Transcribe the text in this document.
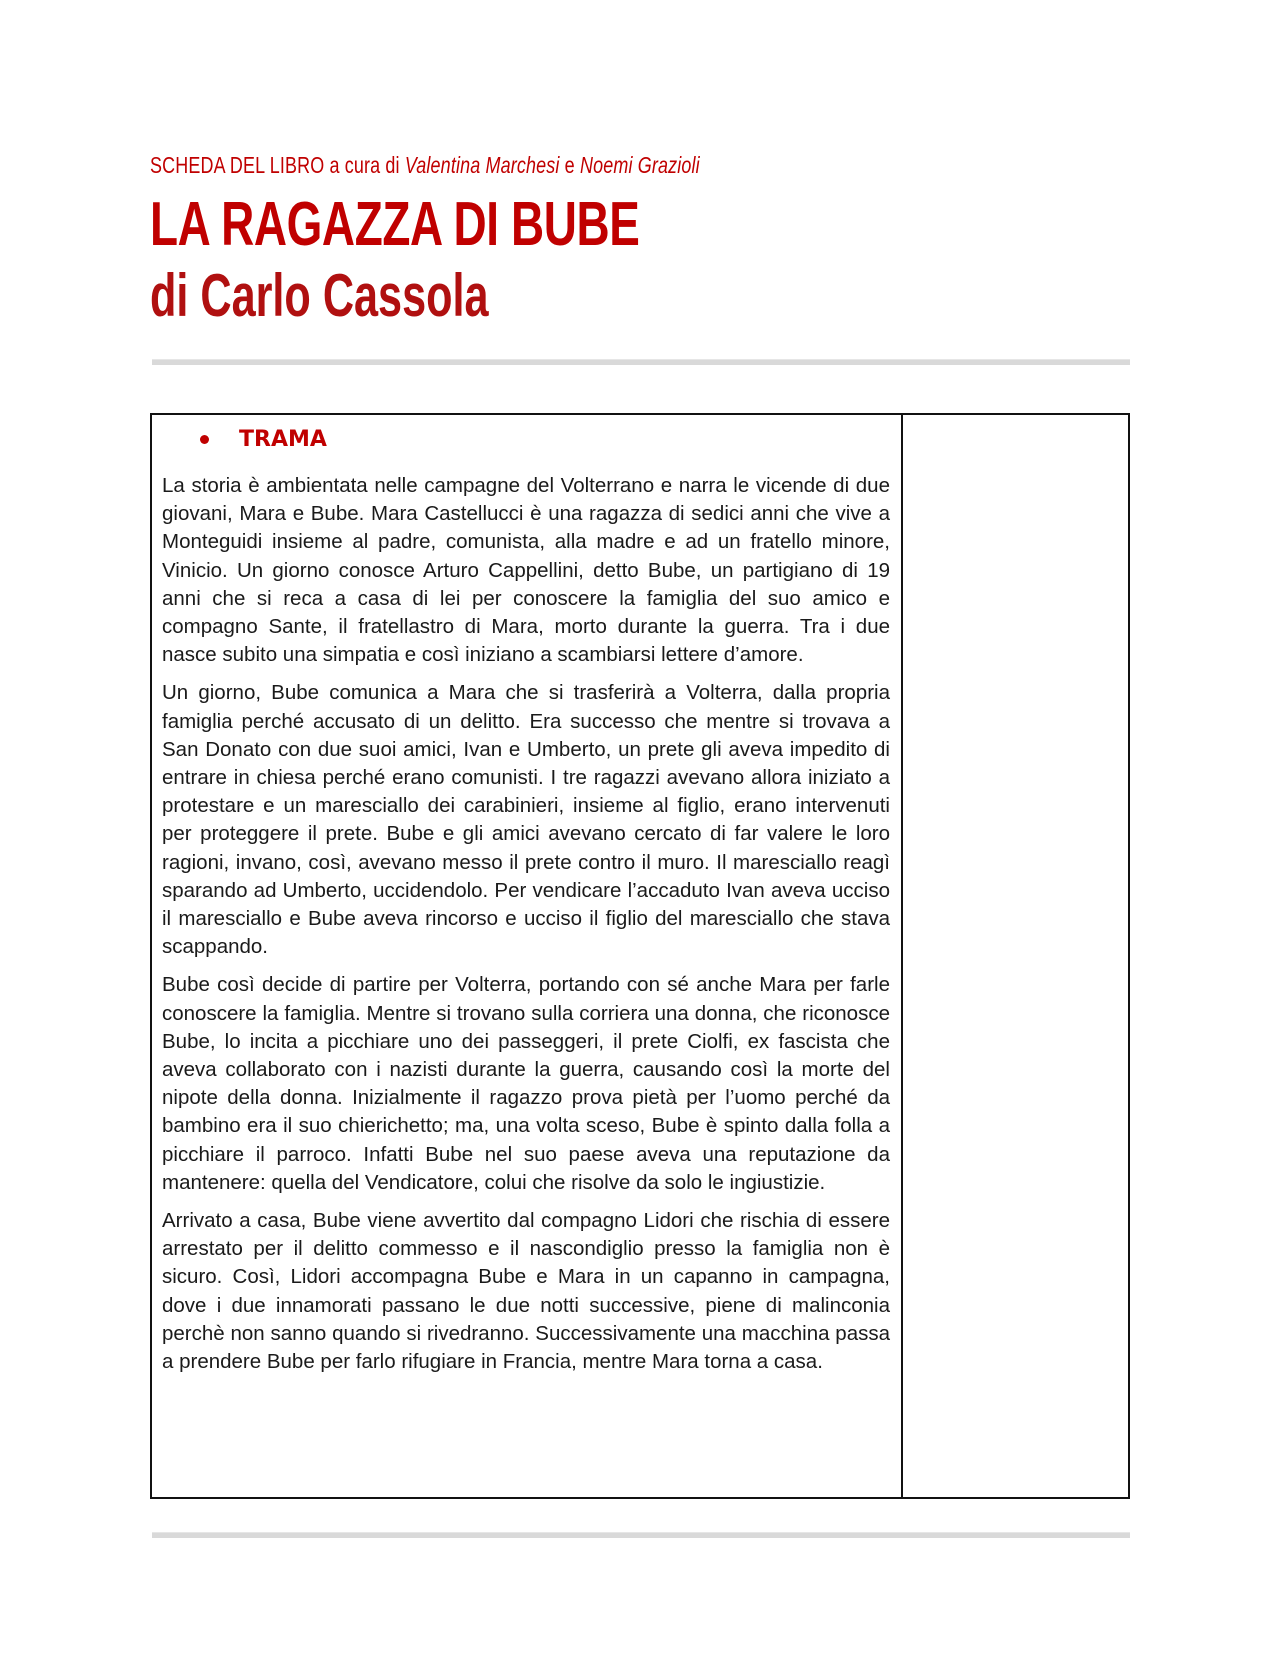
SCHEDA DEL LIBRO a cura di Valentina Marchesi e Noemi Grazioli
LA RAGAZZA DI BUBE
di Carlo Cassola
TRAMA

La storia è ambientata nelle campagne del Volterrano e narra le vicende di due giovani, Mara e Bube. Mara Castellucci è una ragazza di sedici anni che vive a Monteguidi insieme al padre, comunista, alla madre e ad un fratello minore, Vinicio. Un giorno conosce Arturo Cappellini, detto Bube, un partigiano di 19 anni che si reca a casa di lei per conoscere la famiglia del suo amico e compagno Sante, il fratellastro di Mara, morto durante la guerra. Tra i due nasce subito una simpatia e così iniziano a scambiarsi lettere d’amore.

Un giorno, Bube comunica a Mara che si trasferirà a Volterra, dalla propria famiglia perché accusato di un delitto. Era successo che mentre si trovava a San Donato con due suoi amici, Ivan e Umberto, un prete gli aveva impedito di entrare in chiesa perché erano comunisti. I tre ragazzi avevano allora iniziato a protestare e un maresciallo dei carabinieri, insieme al figlio, erano intervenuti per proteggere il prete. Bube e gli amici avevano cercato di far valere le loro ragioni, invano, così, avevano messo il prete contro il muro. Il maresciallo reagì sparando ad Umberto, uccidendolo. Per vendicare l’accaduto Ivan aveva ucciso il maresciallo e Bube aveva rincorso e ucciso il figlio del maresciallo che stava scappando.

Bube così decide di partire per Volterra, portando con sé anche Mara per farle conoscere la famiglia. Mentre si trovano sulla corriera una donna, che riconosce Bube, lo incita a picchiare uno dei passeggeri, il prete Ciolfi, ex fascista che aveva collaborato con i nazisti durante la guerra, causando così la morte del nipote della donna. Inizialmente il ragazzo prova pietà per l’uomo perché da bambino era il suo chierichetto; ma, una volta sceso, Bube è spinto dalla folla a picchiare il parroco. Infatti Bube nel suo paese aveva una reputazione da mantenere: quella del Vendicatore, colui che risolve da solo le ingiustizie.

Arrivato a casa, Bube viene avvertito dal compagno Lidori che rischia di essere arrestato per il delitto commesso e il nascondiglio presso la famiglia non è sicuro. Così, Lidori accompagna Bube e Mara in un capanno in campagna, dove i due innamorati passano le due notti successive, piene di malinconia perchè non sanno quando si rivedranno. Successivamente una macchina passa a prendere Bube per farlo rifugiare in Francia, mentre Mara torna a casa.
